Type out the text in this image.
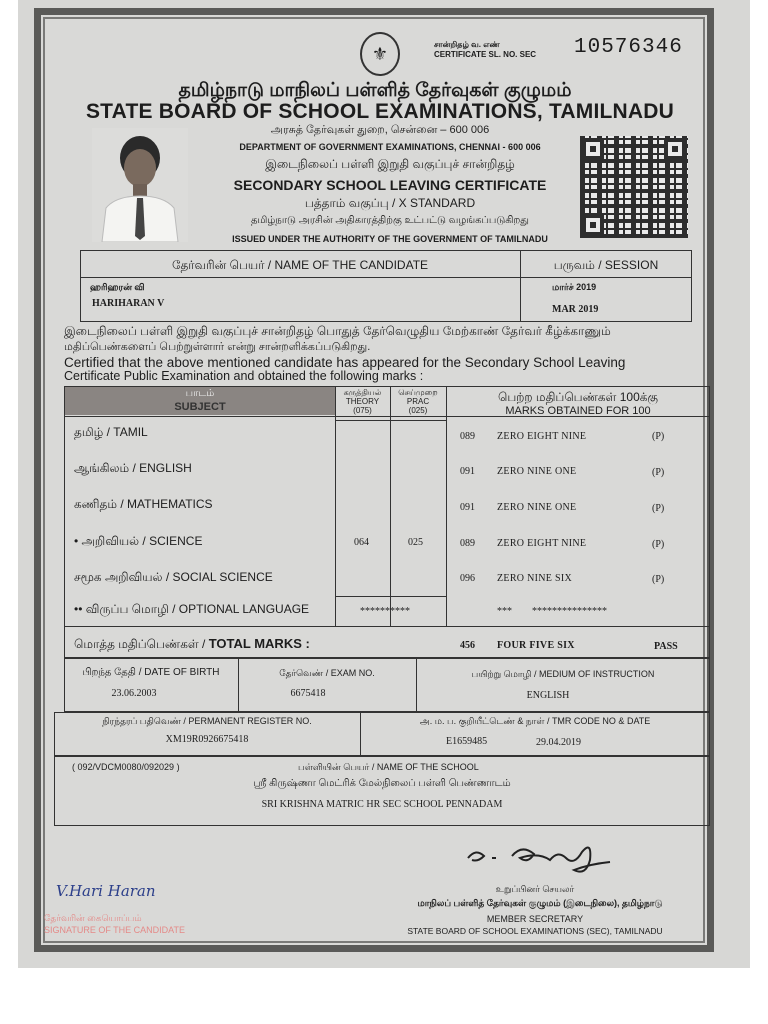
⚜	சான்றிதழ் வ. எண்
CERTIFICATE SL. NO. SEC 10576346
தமிழ்நாடு மாநிலப் பள்ளித் தேர்வுகள் குழுமம்
STATE BOARD OF SCHOOL EXAMINATIONS, TAMILNADU
அரசுத் தேர்வுகள் துறை, சென்னை – 600 006
DEPARTMENT OF GOVERNMENT EXAMINATIONS, CHENNAI - 600 006
இடைநிலைப் பள்ளி இறுதி வகுப்புச் சான்றிதழ்
SECONDARY SCHOOL LEAVING CERTIFICATE
பத்தாம் வகுப்பு / X STANDARD
தமிழ்நாடு அரசின் அதிகாரத்திற்கு உட்பட்டு வழங்கப்படுகிறது
ISSUED UNDER THE AUTHORITY OF THE GOVERNMENT OF TAMILNADU
தேர்வரின் பெயர் / NAME OF THE CANDIDATE	பருவம் / SESSION
ஹரிஹரன் வி
HARIHARAN V
மார்ச் 2019
MAR 2019
இடைநிலைப் பள்ளி இறுதி வகுப்புச் சான்றிதழ் பொதுத் தேர்வெழுதிய மேற்காண் தேர்வர் கீழ்க்காணும்
மதிப்பெண்களைப் பெற்றுள்ளார் என்று சான்றளிக்கப்படுகிறது.
Certified that the above mentioned candidate has appeared for the Secondary School Leaving
Certificate Public Examination and obtained the following marks :
பாடம்
SUBJECT
கருத்தியல்
THEORY
(075)
செய்முறை
PRAC
(025)
பெற்ற மதிப்பெண்கள் 100க்கு
MARKS OBTAINED FOR 100
தமிழ் / TAMIL	089 ZERO EIGHT NINE	(P)
ஆங்கிலம் / ENGLISH	091 ZERO NINE ONE	(P)
கணிதம் / MATHEMATICS	091 ZERO NINE ONE	(P)
• அறிவியல் / SCIENCE	064	025	089 ZERO EIGHT NINE	(P)
சமூக அறிவியல் / SOCIAL SCIENCE	096 ZERO NINE SIX	(P)
•• விருப்ப மொழி / OPTIONAL LANGUAGE	**********	*** ***************
மொத்த மதிப்பெண்கள் / TOTAL MARKS :	456 FOUR FIVE SIX	PASS
பிறந்த தேதி / DATE OF BIRTH
23.06.2003
தேர்வெண் / EXAM NO.
6675418
பயிற்று மொழி / MEDIUM OF INSTRUCTION
ENGLISH
நிரந்தரப் பதிவெண் / PERMANENT REGISTER NO.
XM19R0926675418
அ. ம. ப. குறியீட்டெண் & நாள் / TMR CODE NO & DATE
E1659485	29.04.2019
( 092/VDCM0080/092029 )	பள்ளியின் பெயர் / NAME OF THE SCHOOL
ஸ்ரீ கிருஷ்ணா மெட்ரிக் மேல்நிலைப் பள்ளி பெண்ணாடம்
SRI KRISHNA MATRIC HR SEC SCHOOL PENNADAM
உறுப்பினர் செயலர்
மாநிலப் பள்ளித் தேர்வுகள் குழுமம் (இடைநிலை), தமிழ்நாடு
MEMBER SECRETARY
STATE BOARD OF SCHOOL EXAMINATIONS (SEC), TAMILNADU
V.Hari Haran
தேர்வரின் கையொப்பம்
SIGNATURE OF THE CANDIDATE
